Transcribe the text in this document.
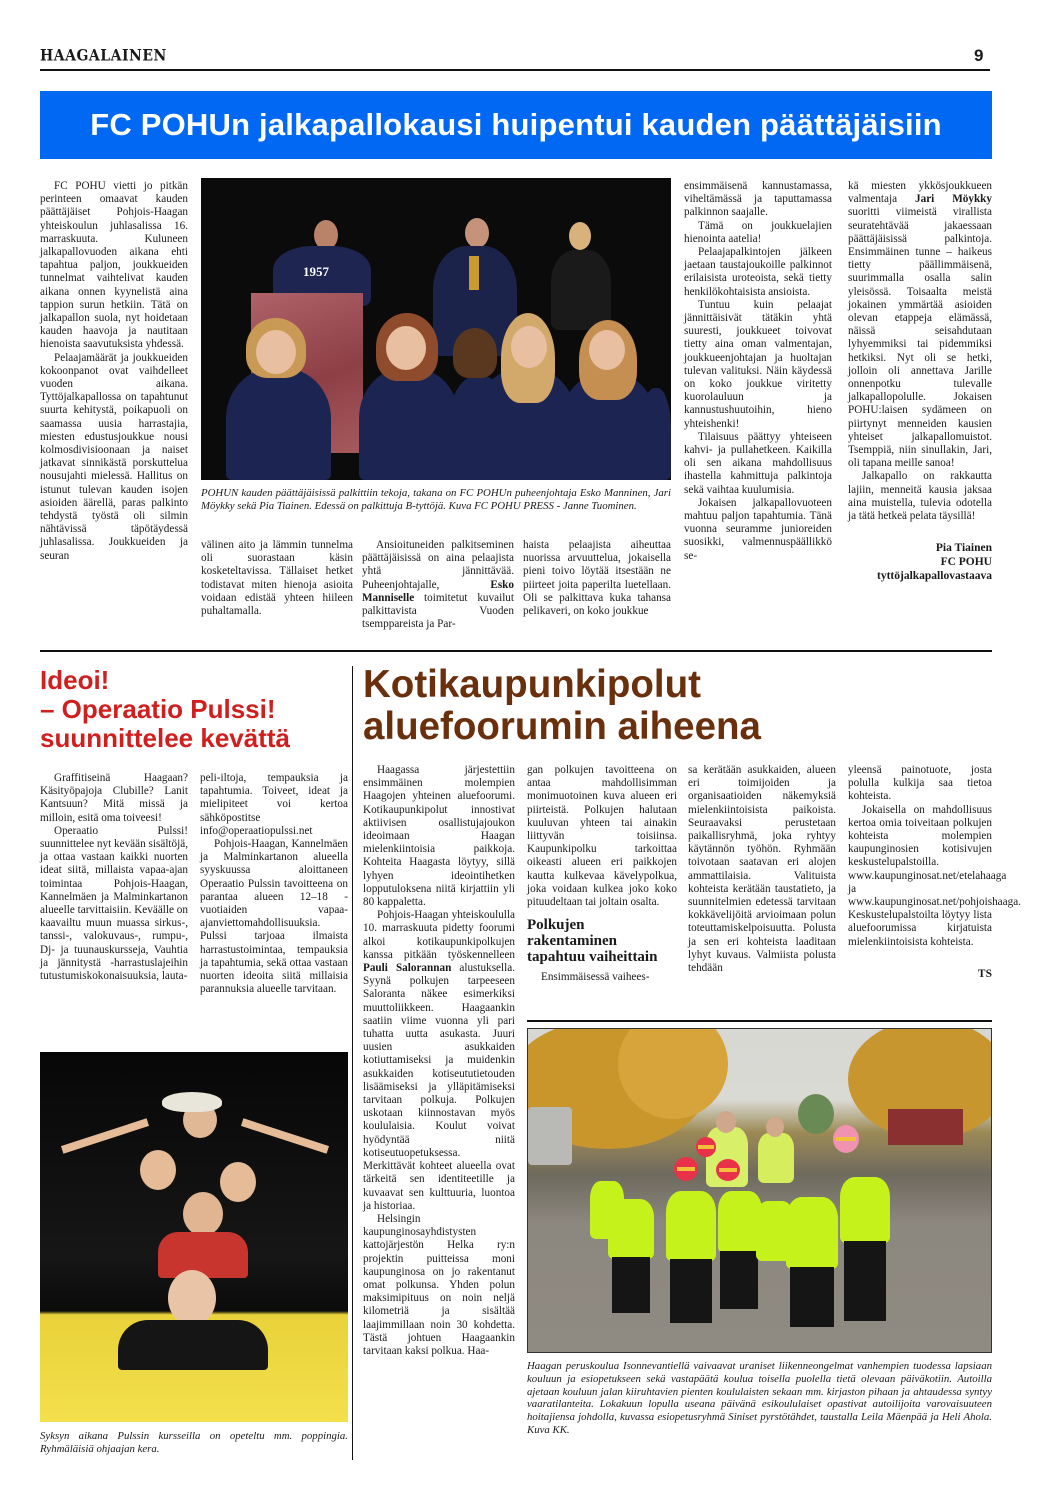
HAAGALAINEN	9
FC POHUn jalkapallokausi huipentui kauden päättäjäisiin

FC POHU vietti jo pitkän perinteen omaavat kauden päättäjäiset Pohjois-Haagan yhteiskoulun juhlasalissa 16. marraskuuta. Kuluneen jalkapallovuoden aikana ehti tapahtua paljon, joukkueiden tunnelmat vaihtelivat kauden aikana onnen kyynelistä aina tappion surun hetkiin. Tätä on jalkapallon suola, nyt hoidetaan kauden haavoja ja nautitaan hienoista saavutuksista yhdessä.

Pelaajamäärät ja joukkueiden kokoonpanot ovat vaihdelleet vuoden aikana. Tyttöjalkapallossa on tapahtunut suurta kehitystä, poikapuoli on saamassa uusia harrastajia, miesten edustusjoukkue nousi kolmosdivisioonaan ja naiset jatkavat sinnikästä porskuttelua nousujahti mielessä. Hallitus on istunut tulevan kauden isojen asioiden äärellä, paras palkinto tehdystä työstä oli silmin nähtävissä täpötäydessä juhlasalissa. Joukkueiden ja seuran

1957
POHUN kauden päättäjäisissä palkittiin tekoja, takana on FC POHUn puheenjohtaja Esko Manninen, Jari Möykky sekä Pia Tiainen. Edessä on palkittuja B-tyttöjä. Kuva FC POHU PRESS - Janne Tuominen.

välinen aito ja lämmin tunnelma oli suorastaan käsin kosketeltavissa. Tällaiset hetket todistavat miten hienoja asioita voidaan edistää yhteen hiileen puhaltamalla.

Ansioituneiden palkitseminen päättäjäisissä on aina pelaajista yhtä jännittävää. Puheenjohtajalle, Esko Manniselle toimitetut kuvailut palkittavista Vuoden tsemppareista ja Par-

haista pelaajista aiheuttaa nuorissa arvuuttelua, jokaisella pieni toivo löytää itsestään ne piirteet joita paperilta luetellaan. Oli se palkittava kuka tahansa pelikaveri, on koko joukkue

ensimmäisenä kannustamassa, viheltämässä ja taputtamassa palkinnon saajalle.

Tämä on joukkuelajien hienointa aatelia!

Pelaajapalkintojen jälkeen jaetaan taustajoukoille palkinnot erilaisista uroteoista, sekä tietty henkilökohtaisista ansioista.

Tuntuu kuin pelaajat jännittäisivät tätäkin yhtä suuresti, joukkueet toivovat tietty aina oman valmentajan, joukkueenjohtajan ja huoltajan tulevan valituksi. Näin käydessä on koko joukkue viritetty kuorolauluun ja kannustushuutoihin, hieno yhteishenki!

Tilaisuus päättyy yhteiseen kahvi- ja pullahetkeen. Kaikilla oli sen aikana mahdollisuus ihastella kahmittuja palkintoja sekä vaihtaa kuulumisia.

Jokaisen jalkapallovuoteen mahtuu paljon tapahtumia. Tänä vuonna seuramme junioreiden suosikki, valmennuspäällikkö se-

kä miesten ykkösjoukkueen valmentaja Jari Möykky suoritti viimeistä virallista seuratehtävää jakaessaan päättäjäisissä palkintoja. Ensimmäinen tunne – haikeus tietty päällimmäisenä, suurimmalla osalla salin yleisössä. Toisaalta meistä jokainen ymmärtää asioiden olevan etappeja elämässä, näissä seisahdutaan lyhyemmiksi tai pidemmiksi hetkiksi. Nyt oli se hetki, jolloin oli annettava Jarille onnenpotku tulevalle jalkapallopolulle. Jokaisen POHU:laisen sydämeen on piirtynyt menneiden kausien yhteiset jalkapallomuistot. Tsemppiä, niin sinullakin, Jari, oli tapana meille sanoa!

Jalkapallo on rakkautta lajiin, menneitä kausia jaksaa aina muistella, tulevia odotella ja tätä hetkeä pelata täysillä!

Pia Tiainen
FC POHU
tyttöjalkapallovastaava
Ideoi!
– Operaatio Pulssi!
suunnittelee kevättä

Graffitiseinä Haagaan? Käsityöpajoja Clubille? Lanit Kantsuun? Mitä missä ja milloin, esitä oma toiveesi!

Operaatio Pulssi! suunnittelee nyt kevään sisältöjä, ja ottaa vastaan kaikki nuorten ideat siitä, millaista vapaa-ajan toimintaa Pohjois-Haagan, Kannelmäen ja Malminkartanon alueelle tarvittaisiin. Keväälle on kaavailtu muun muassa sirkus-, tanssi-, valokuvaus-, rumpu-, Dj- ja tuunauskursseja, Vauhtia ja jännitystä -harrastuslajeihin tutustumiskokonaisuuksia, lauta-

peli-iltoja, tempauksia ja tapahtumia. Toiveet, ideat ja mielipiteet voi kertoa sähköpostitse info@operaatiopulssi.net

Pohjois-Haagan, Kannelmäen ja Malminkartanon alueella syyskuussa aloittaneen Operaatio Pulssin tavoitteena on parantaa alueen 12–18 -vuotiaiden vapaa-ajanviettomahdollisuuksia. Pulssi tarjoaa ilmaista harrastustoimintaa, tempauksia ja tapahtumia, sekä ottaa vastaan nuorten ideoita siitä millaisia parannuksia alueelle tarvitaan.

Syksyn aikana Pulssin kursseilla on opeteltu mm. poppingia. Ryhmäläisiä ohjaajan kera.
Kotikaupunkipolut
aluefoorumin aiheena

Haagassa järjestettiin ensimmäinen molempien Haagojen yhteinen aluefoorumi. Kotikaupunkipolut innostivat aktiivisen osallistujajoukon ideoimaan Haagan mielenkiintoisia paikkoja. Kohteita Haagasta löytyy, sillä lyhyen ideointihetken lopputuloksena niitä kirjattiin yli 80 kappaletta.

Pohjois-Haagan yhteiskoululla 10. marraskuuta pidetty foorumi alkoi kotikaupunkipolkujen kanssa pitkään työskennelleen Pauli Salorannan alustuksella. Syynä polkujen tarpeeseen Saloranta näkee esimerkiksi muuttoliikkeen. Haagaankin saatiin viime vuonna yli pari tuhatta uutta asukasta. Juuri uusien asukkaiden kotiuttamiseksi ja muidenkin asukkaiden kotiseututietouden lisäämiseksi ja ylläpitämiseksi tarvitaan polkuja. Polkujen uskotaan kiinnostavan myös koululaisia. Koulut voivat hyödyntää niitä kotiseutuopetuksessa. Merkittävät kohteet alueella ovat tärkeitä sen identiteetille ja kuvaavat sen kulttuuria, luontoa ja historiaa.

Helsingin kaupunginosayhdistysten kattojärjestön Helka ry:n projektin puitteissa moni kaupunginosa on jo rakentanut omat polkunsa. Yhden polun maksimipituus on noin neljä kilometriä ja sisältää laajimmillaan noin 30 kohdetta. Tästä johtuen Haagaankin tarvitaan kaksi polkua. Haa-

gan polkujen tavoitteena on antaa mahdollisimman monimuotoinen kuva alueen eri piirteistä. Polkujen halutaan kuuluvan yhteen tai ainakin liittyvän toisiinsa. Kaupunkipolku tarkoittaa oikeasti alueen eri paikkojen kautta kulkevaa kävelypolkua, joka voidaan kulkea joko koko pituudeltaan tai joltain osalta.

Polkujen rakentaminen tapahtuu vaiheittain

Ensimmäisessä vaihees-

sa kerätään asukkaiden, alueen eri toimijoiden ja organisaatioiden näkemyksiä mielenkiintoisista paikoista. Seuraavaksi perustetaan paikallisryhmä, joka ryhtyy käytännön työhön. Ryhmään toivotaan saatavan eri alojen ammattilaisia. Valituista kohteista kerätään taustatieto, ja suunnitelmien edetessä tarvitaan kokkävelijöitä arvioimaan polun toteuttamiskelpoisuutta. Polusta ja sen eri kohteista laaditaan lyhyt kuvaus. Valmiista polusta tehdään

yleensä painotuote, josta polulla kulkija saa tietoa kohteista.

Jokaisella on mahdollisuus kertoa omia toiveitaan polkujen kohteista molempien kaupunginosien kotisivujen keskustelupalstoilla. www.kaupunginosat.net/etelahaaga ja www.kaupunginosat.net/pohjoishaaga. Keskustelupalstoilta löytyy lista aluefoorumissa kirjatuista mielenkiintoisista kohteista.

TS
Haagan peruskoulua Isonnevantiellä vaivaavat uraniset liikenneongelmat vanhempien tuodessa lapsiaan kouluun ja esiopetukseen sekä vastapäätä koulua toisella puolella tietä olevaan päiväkotiin. Autoilla ajetaan kouluun jalan kiiruhtavien pienten koululaisten sekaan mm. kirjaston pihaan ja ahtaudessa syntyy vaaratilanteita. Lokakuun lopulla useana päivänä esikoululaiset opastivat autoilijoita varovaisuuteen hoitajiensa johdolla, kuvassa esiopetusryhmä Siniset pyrstötähdet, taustalla Leila Mäenpää ja Heli Ahola. Kuva KK.
